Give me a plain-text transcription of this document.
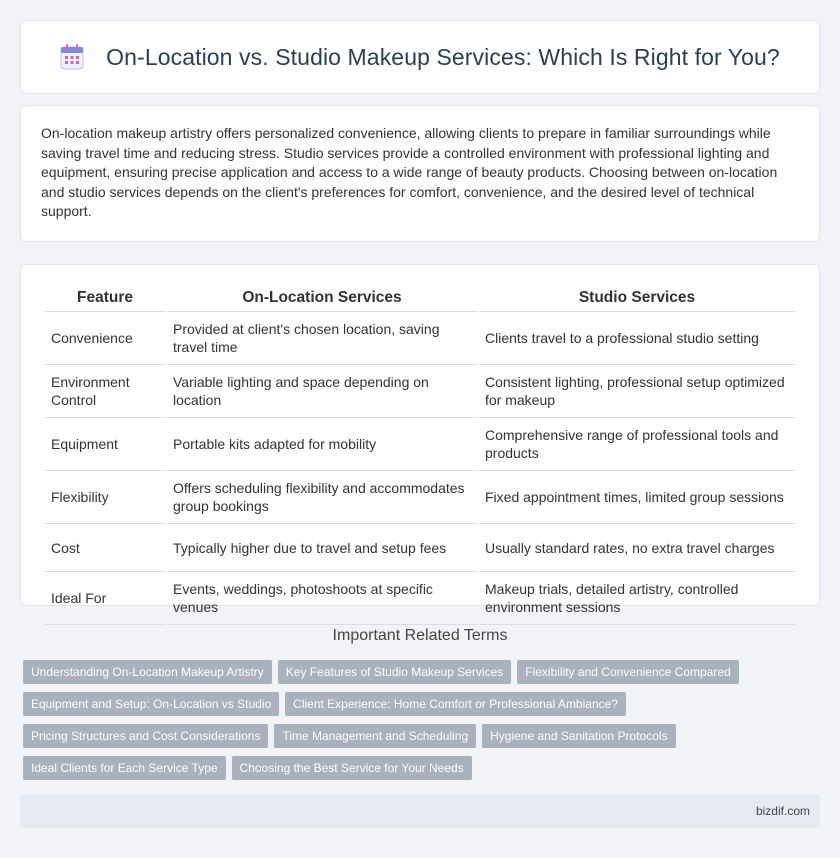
On-Location vs. Studio Makeup Services: Which Is Right for You?

On-location makeup artistry offers personalized convenience, allowing clients to prepare in familiar surroundings while saving travel time and reducing stress. Studio services provide a controlled environment with professional lighting and equipment, ensuring precise application and access to a wide range of beauty products. Choosing between on-location and studio services depends on the client's preferences for comfort, convenience, and the desired level of technical support.

Feature	On-Location Services	Studio Services
Convenience	Provided at client's chosen location, saving travel time	Clients travel to a professional studio setting
Environment Control	Variable lighting and space depending on location	Consistent lighting, professional setup optimized for makeup
Equipment	Portable kits adapted for mobility	Comprehensive range of professional tools and products
Flexibility	Offers scheduling flexibility and accommodates group bookings	Fixed appointment times, limited group sessions
Cost	Typically higher due to travel and setup fees	Usually standard rates, no extra travel charges
Ideal For	Events, weddings, photoshoots at specific venues	Makeup trials, detailed artistry, controlled environment sessions
Important Related Terms
Understanding On-Location Makeup Artistry Key Features of Studio Makeup Services Flexibility and Convenience Compared
Equipment and Setup: On-Location vs Studio Client Experience: Home Comfort or Professional Ambiance?
Pricing Structures and Cost Considerations Time Management and Scheduling Hygiene and Sanitation Protocols
Ideal Clients for Each Service Type Choosing the Best Service for Your Needs
bizdif.com
